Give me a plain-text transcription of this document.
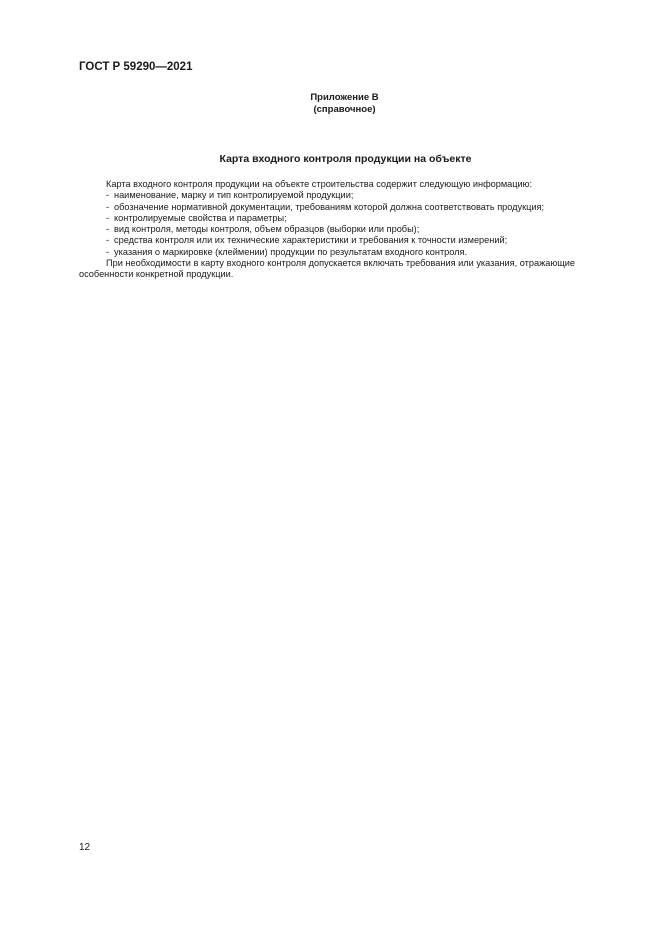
ГОСТ Р 59290—2021
Приложение В
(справочное)
Карта входного контроля продукции на объекте

Карта входного контроля продукции на объекте строительства содержит следующую информацию:

- наименование, марку и тип контролируемой продукции;
- обозначение нормативной документации, требованиям которой должна соответствовать продукция;
- контролируемые свойства и параметры;
- вид контроля, методы контроля, объем образцов (выборки или пробы);
- средства контроля или их технические характеристики и требования к точности измерений;
- указания о маркировке (клеймении) продукции по результатам входного контроля.

При необходимости в карту входного контроля допускается включать требования или указания, отражающие особенности конкретной продукции.

12
